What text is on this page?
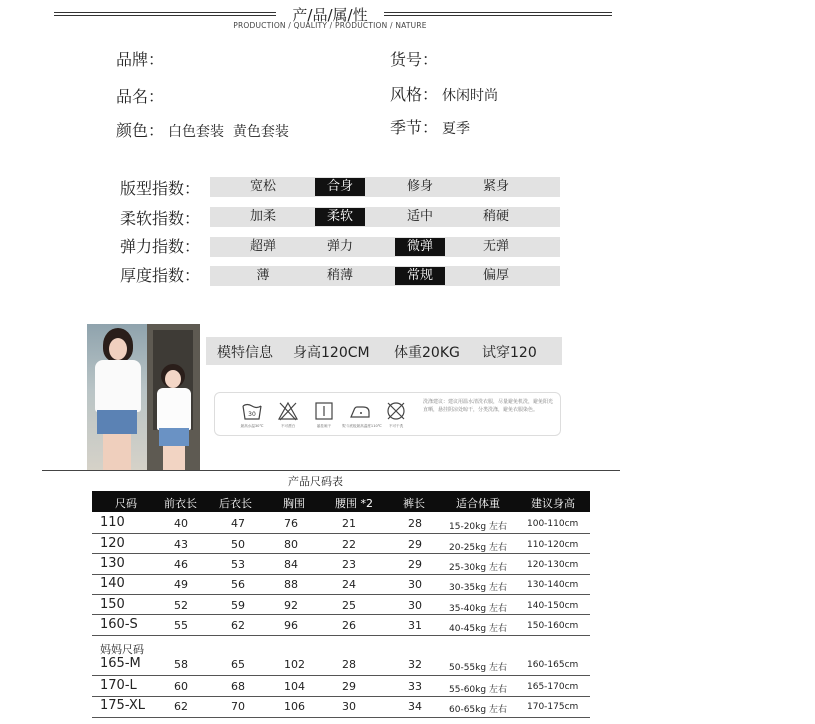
产/品/属/性
PRODUCTION / QUALITY / PRODUCTION / NATURE
品牌：	货号：
品名：	风格： 休闲时尚
颜色： 白色套装  黄色套装	季节： 夏季
版型指数：	宽松	合身	修身	紧身
柔软指数：	加柔	柔软	适中	稍硬
弹力指数：	超弹	弹力	微弹	无弹
厚度指数：	薄	稍薄	常规	偏厚
模特信息 身高120CM 体重20KG 试穿120
30
最高水温30℃	不可漂白	悬挂晾干	熨斗底板最高温度110℃	不可干洗
洗涤建议：建议用温水清洗衣服，尽量避免机洗，避免阳光直晒，悬挂阴凉处晾干，分类洗涤，避免衣服染色。
产品尺码表
尺码 前衣长 后衣长	胸围	腰围 *2	裤长	适合体重	建议身高
110	40	47	76	21	28	15-20kg 左右 100-110cm
120	43	50	80	22	29	20-25kg 左右 110-120cm
130	46	53	84	23	29	25-30kg 左右 120-130cm
140	49	56	88	24	30	30-35kg 左右 130-140cm
150	52	59	92	25	30	35-40kg 左右 140-150cm
160-S	55	62	96	26	31	40-45kg 左右 150-160cm
165-M	58	65	102	28	32	50-55kg 左右 160-165cm
170-L	60	68	104	29	33	55-60kg 左右 165-170cm
175-XL	62	70	106	30	34	60-65kg 左右 170-175cm
妈妈尺码
